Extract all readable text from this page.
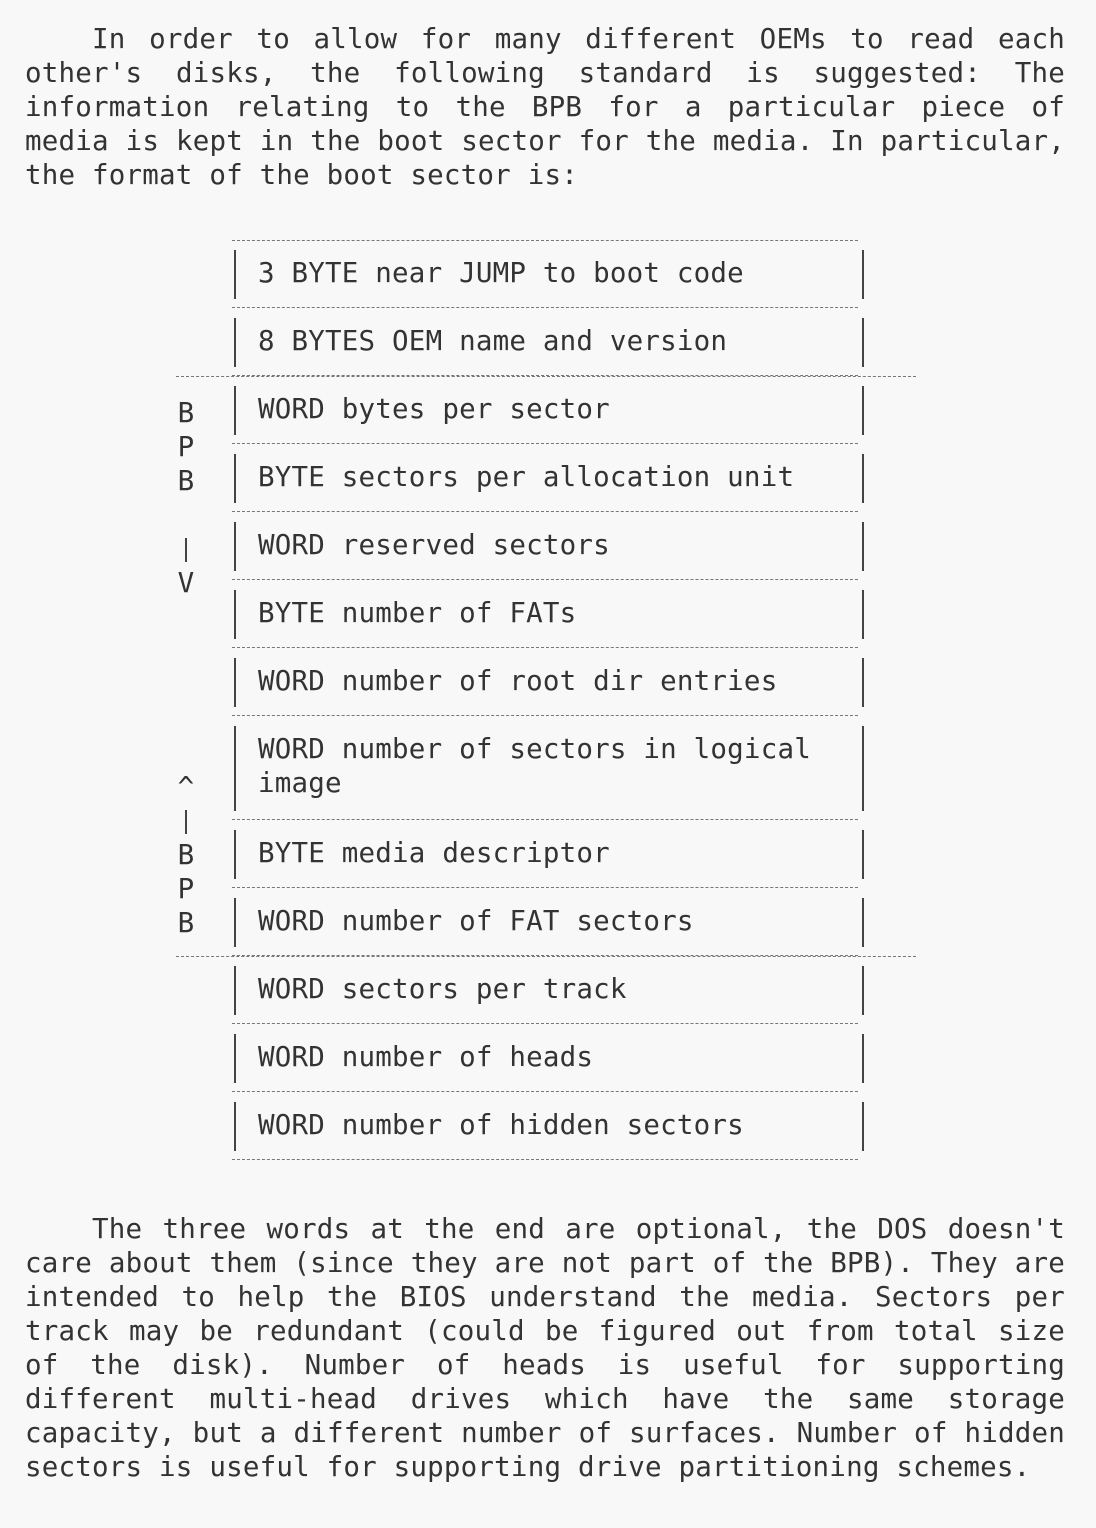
In order to allow for many different OEMs to read each other's disks, the following standard is suggested: The information relating to the BPB for a particular piece of media is kept in the boot sector for the media. In particular, the format of the boot sector is:

3 BYTE near JUMP to boot code
8 BYTES OEM name and version
WORD bytes per sector
BYTE sectors per allocation unit
WORD reserved sectors
BYTE number of FATs
WORD number of root dir entries
WORD number of sectors in logical
image
BYTE media descriptor
WORD number of FAT sectors
WORD sectors per track
WORD number of heads
WORD number of hidden sectors
B
P
B
V
^
B
P
B

The three words at the end are optional, the DOS doesn't care about them (since they are not part of the BPB). They are intended to help the BIOS understand the media. Sectors per track may be redundant (could be figured out from total size of the disk). Number of heads is useful for supporting different multi-head drives which have the same storage capacity, but a different number of surfaces. Number of hidden sectors is useful for supporting drive partitioning schemes.
